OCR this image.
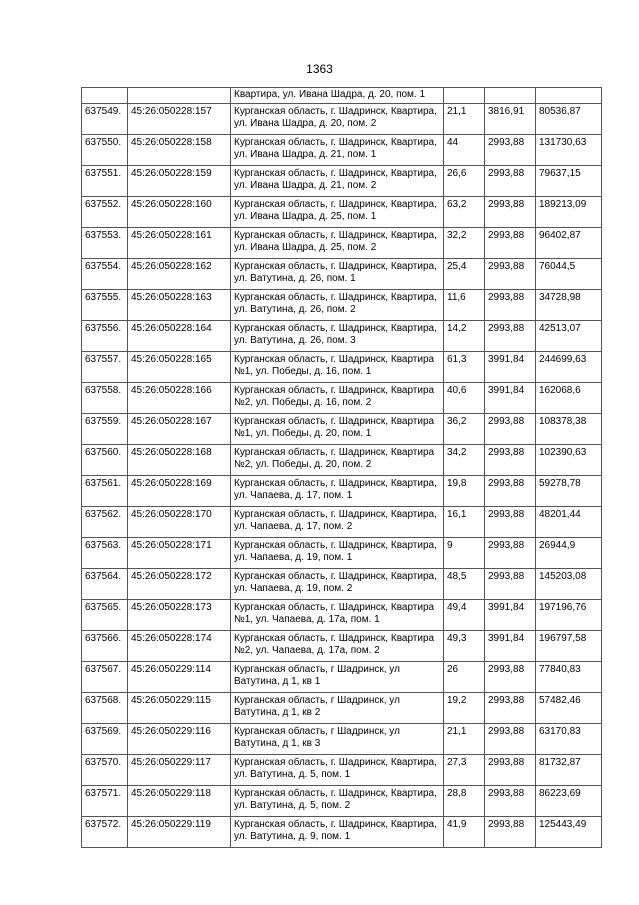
1363
		Квартира, ул. Ивана Шадра, д. 20, пом. 1			
637549.	45:26:050228:157	Курганская область, г. Шадринск, Квартира, ул. Ивана Шадра, д. 20, пом. 2	21,1	3816,91	80536,87
637550.	45:26:050228:158	Курганская область, г. Шадринск, Квартира, ул. Ивана Шадра, д. 21, пом. 1	44	2993,88	131730,63
637551.	45:26:050228:159	Курганская область, г. Шадринск, Квартира, ул. Ивана Шадра, д. 21, пом. 2	26,6	2993,88	79637,15
637552.	45:26:050228:160	Курганская область, г. Шадринск, Квартира, ул. Ивана Шадра, д. 25, пом. 1	63,2	2993,88	189213,09
637553.	45:26:050228:161	Курганская область, г. Шадринск, Квартира, ул. Ивана Шадра, д. 25, пом. 2	32,2	2993,88	96402,87
637554.	45:26:050228:162	Курганская область, г. Шадринск, Квартира, ул. Ватутина, д. 26, пом. 1	25,4	2993,88	76044,5
637555.	45:26:050228:163	Курганская область, г. Шадринск, Квартира, ул. Ватутина, д. 26, пом. 2	11,6	2993,88	34728,98
637556.	45:26:050228:164	Курганская область, г. Шадринск, Квартира, ул. Ватутина, д. 26, пом. 3	14,2	2993,88	42513,07
637557.	45:26:050228:165	Курганская область, г. Шадринск, Квартира №1, ул. Победы, д. 16, пом. 1	61,3	3991,84	244699,63
637558.	45:26:050228:166	Курганская область, г. Шадринск, Квартира №2, ул. Победы, д. 16, пом. 2	40,6	3991,84	162068,6
637559.	45:26:050228:167	Курганская область, г. Шадринск, Квартира №1, ул. Победы, д. 20, пом. 1	36,2	2993,88	108378,38
637560.	45:26:050228:168	Курганская область, г. Шадринск, Квартира №2, ул. Победы, д. 20, пом. 2	34,2	2993,88	102390,63
637561.	45:26:050228:169	Курганская область, г. Шадринск, Квартира, ул. Чапаева, д. 17, пом. 1	19,8	2993,88	59278,78
637562.	45:26:050228:170	Курганская область, г. Шадринск, Квартира, ул. Чапаева, д. 17, пом. 2	16,1	2993,88	48201,44
637563.	45:26:050228:171	Курганская область, г. Шадринск, Квартира, ул. Чапаева, д. 19, пом. 1	9	2993,88	26944,9
637564.	45:26:050228:172	Курганская область, г. Шадринск, Квартира, ул. Чапаева, д. 19, пом. 2	48,5	2993,88	145203,08
637565.	45:26:050228:173	Курганская область, г. Шадринск, Квартира №1, ул. Чапаева, д. 17а, пом. 1	49,4	3991,84	197196,76
637566.	45:26:050228:174	Курганская область, г. Шадринск, Квартира №2, ул. Чапаева, д. 17а, пом. 2	49,3	3991,84	196797,58
637567.	45:26:050229:114	Курганская область, г Шадринск, ул Ватутина, д 1, кв 1	26	2993,88	77840,83
637568.	45:26:050229:115	Курганская область, г Шадринск, ул Ватутина, д 1, кв 2	19,2	2993,88	57482,46
637569.	45:26:050229:116	Курганская область, г Шадринск, ул Ватутина, д 1, кв 3	21,1	2993,88	63170,83
637570.	45:26:050229:117	Курганская область, г. Шадринск, Квартира, ул. Ватутина, д. 5, пом. 1	27,3	2993,88	81732,87
637571.	45:26:050229:118	Курганская область, г. Шадринск, Квартира, ул. Ватутина, д. 5, пом. 2	28,8	2993,88	86223,69
637572.	45:26:050229:119	Курганская область, г. Шадринск, Квартира, ул. Ватутина, д. 9, пом. 1	41,9	2993,88	125443,49
